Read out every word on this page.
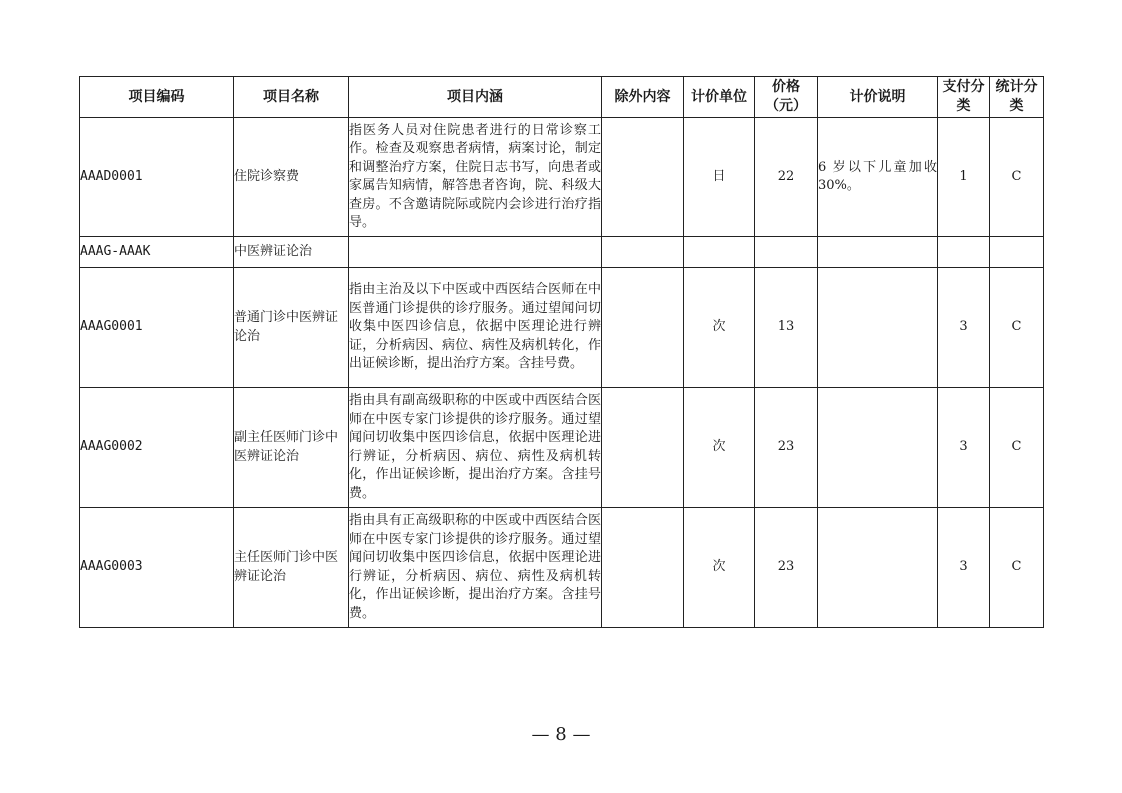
项目编码	项目名称	项目内涵	除外内容	计价单位	价格（元）	计价说明	支付分类	统计分类
AAAD0001	住院诊察费	指医务人员对住院患者进行的日常诊察工作。检查及观察患者病情，病案讨论，制定和调整治疗方案，住院日志书写，向患者或家属告知病情，解答患者咨询，院、科级大查房。不含邀请院际或院内会诊进行治疗指导。		日	22	6 岁以下儿童加收 30%。	1	C
AAAG-AAAK	中医辨证论治							
AAAG0001	普通门诊中医辨证论治	指由主治及以下中医或中西医结合医师在中医普通门诊提供的诊疗服务。通过望闻问切收集中医四诊信息，依据中医理论进行辨证，分析病因、病位、病性及病机转化，作出证候诊断，提出治疗方案。含挂号费。		次	13		3	C
AAAG0002	副主任医师门诊中医辨证论治	指由具有副高级职称的中医或中西医结合医师在中医专家门诊提供的诊疗服务。通过望闻问切收集中医四诊信息，依据中医理论进行辨证，分析病因、病位、病性及病机转化，作出证候诊断，提出治疗方案。含挂号费。		次	23		3	C
AAAG0003	主任医师门诊中医辨证论治	指由具有正高级职称的中医或中西医结合医师在中医专家门诊提供的诊疗服务。通过望闻问切收集中医四诊信息，依据中医理论进行辨证，分析病因、病位、病性及病机转化，作出证候诊断，提出治疗方案。含挂号费。		次	23		3	C
— 8 —
